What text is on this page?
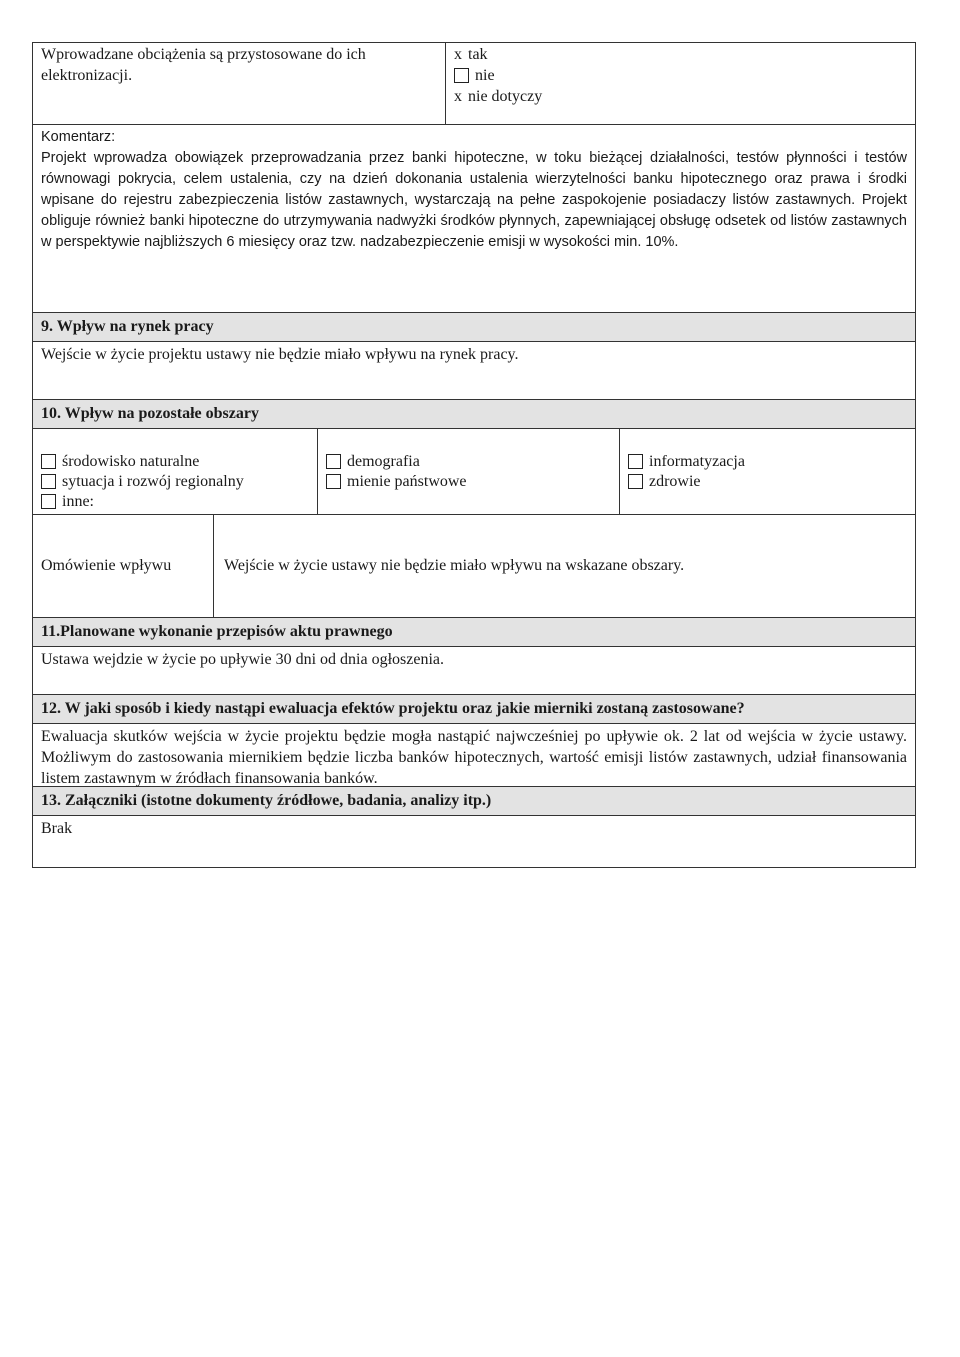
Wprowadzane obciążenia są przystosowane do ich elektronizacji.
x tak
nie
x nie dotyczy
Komentarz:
Projekt wprowadza obowiązek przeprowadzania przez banki hipoteczne, w toku bieżącej działalności, testów płynności i testów równowagi pokrycia, celem ustalenia, czy na dzień dokonania ustalenia wierzytelności banku hipotecznego oraz prawa i środki wpisane do rejestru zabezpieczenia listów zastawnych, wystarczają na pełne zaspokojenie posiadaczy listów zastawnych. Projekt obliguje również banki hipoteczne do utrzymywania nadwyżki środków płynnych, zapewniającej obsługę odsetek od listów zastawnych w perspektywie najbliższych 6 miesięcy oraz tzw. nadzabezpieczenie emisji w wysokości min. 10%.
9. Wpływ na rynek pracy
Wejście w życie projektu ustawy nie będzie miało wpływu na rynek pracy.
10. Wpływ na pozostałe obszary
środowisko naturalne
sytuacja i rozwój regionalny
inne:
demografia
mienie państwowe
informatyzacja
zdrowie
Omówienie wpływu	Wejście w życie ustawy nie będzie miało wpływu na wskazane obszary.
11.Planowane wykonanie przepisów aktu prawnego
Ustawa wejdzie w życie po upływie 30 dni od dnia ogłoszenia.
12. W jaki sposób i kiedy nastąpi ewaluacja efektów projektu oraz jakie mierniki zostaną zastosowane?
Ewaluacja skutków wejścia w życie projektu będzie mogła nastąpić najwcześniej po upływie ok. 2 lat od wejścia w życie ustawy. Możliwym do zastosowania miernikiem będzie liczba banków hipotecznych, wartość emisji listów zastawnych, udział finansowania listem zastawnym w źródłach finansowania banków.
13. Załączniki (istotne dokumenty źródłowe, badania, analizy itp.)
Brak
